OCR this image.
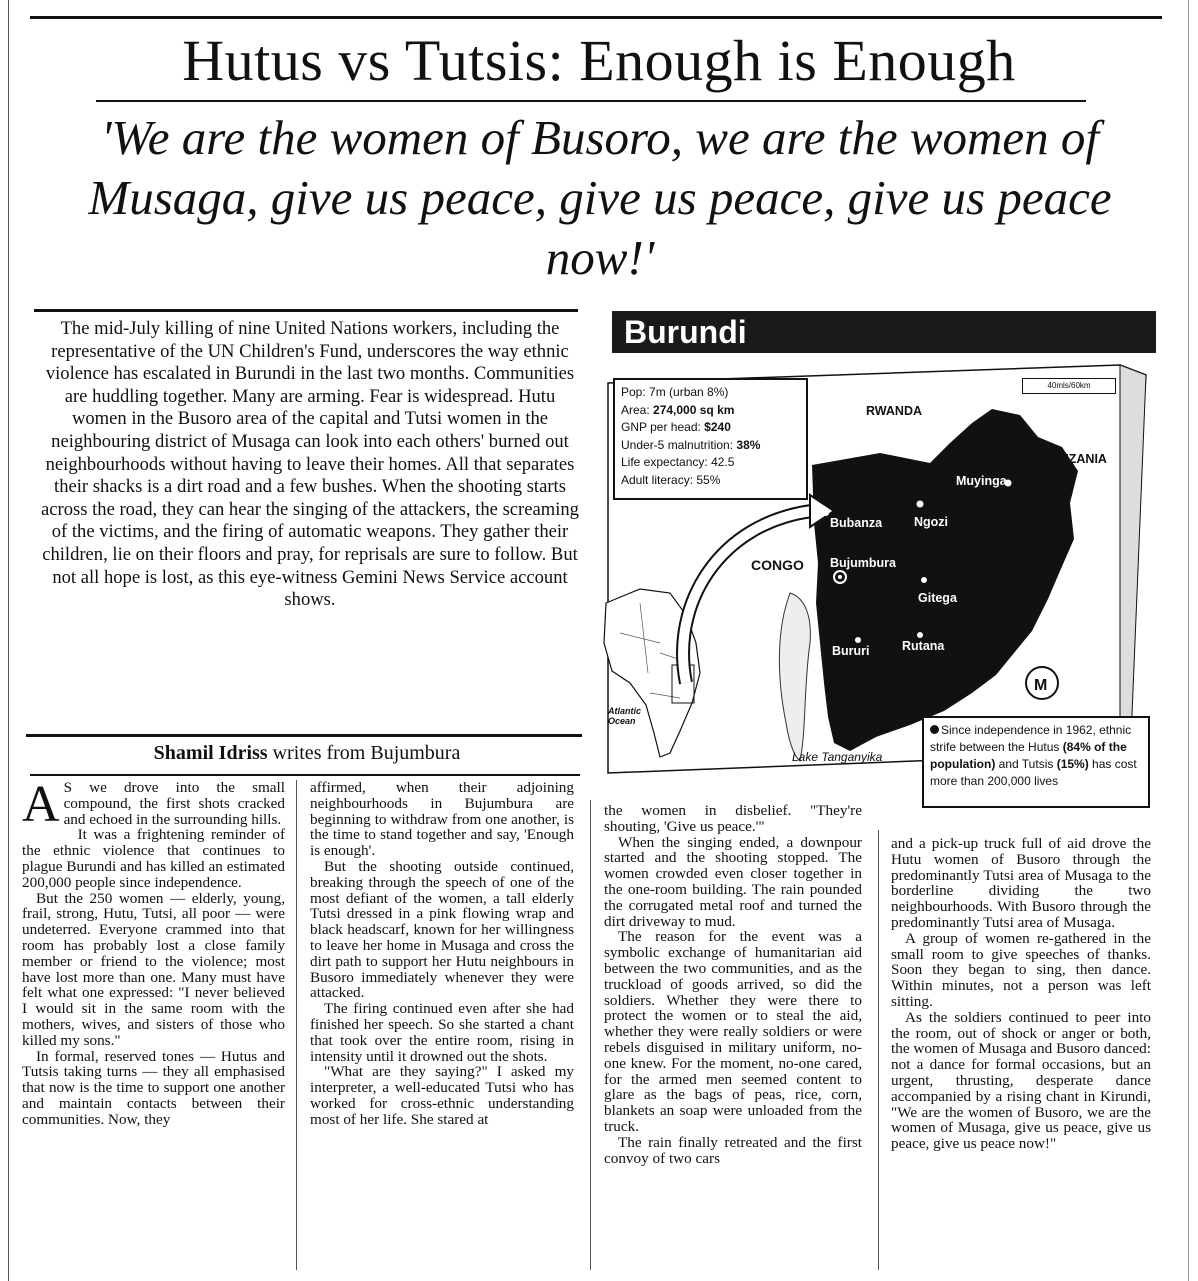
Hutus vs Tutsis: Enough is Enough
'We are the women of Busoro, we are the women of Musaga, give us peace, give us peace, give us peace now!'
The mid-July killing of nine United Nations workers, including the representative of the UN Children's Fund, underscores the way ethnic violence has escalated in Burundi in the last two months. Communities are huddling together. Many are arming. Fear is widespread. Hutu women in the Busoro area of the capital and Tutsi women in the neighbouring district of Musaga can look into each others' burned out neighbourhoods without having to leave their homes. All that separates their shacks is a dirt road and a few bushes. When the shooting starts across the road, they can hear the singing of the attackers, the screaming of the victims, and the firing of automatic weapons. They gather their children, lie on their floors and pray, for reprisals are sure to follow. But not all hope is lost, as this eye-witness Gemini News Service account shows.
Shamil Idriss writes from Bujumbura
A S we drove into the small compound, the first shots cracked and echoed in the surrounding hills.

It was a frightening reminder of the ethnic violence that continues to plague Burundi and has killed an estimated 200,000 people since independence.

But the 250 women — elderly, young, frail, strong, Hutu, Tutsi, all poor — were undeterred. Everyone crammed into that room has probably lost a close family member or friend to the violence; most have lost more than one. Many must have felt what one expressed: "I never believed I would sit in the same room with the mothers, wives, and sisters of those who killed my sons."

In formal, reserved tones — Hutus and Tutsis taking turns — they all emphasised that now is the time to support one another and maintain contacts between their communities. Now, they

affirmed, when their adjoining neighbourhoods in Bujumbura are beginning to withdraw from one another, is the time to stand together and say, 'Enough is enough'.

But the shooting outside continued, breaking through the speech of one of the most defiant of the women, a tall elderly Tutsi dressed in a pink flowing wrap and black headscarf, known for her willingness to leave her home in Musaga and cross the dirt path to support her Hutu neighbours in Busoro immediately whenever they were attacked.

The firing continued even after she had finished her speech. So she started a chant that took over the entire room, rising in intensity until it drowned out the shots.

"What are they saying?" I asked my interpreter, a well-educated Tutsi who has worked for cross-ethnic understanding most of her life. She stared at

the women in disbelief. "They're shouting, 'Give us peace.'"

When the singing ended, a downpour started and the shooting stopped. The women crowded even closer together in the one-room building. The rain pounded the corrugated metal roof and turned the dirt driveway to mud.

The reason for the event was a symbolic exchange of humanitarian aid between the two communities, and as the truckload of goods arrived, so did the soldiers. Whether they were there to protect the women or to steal the aid, whether they were really soldiers or were rebels disguised in military uniform, no-one knew. For the moment, no-one cared, for the armed men seemed content to glare as the bags of peas, rice, corn, blankets an soap were unloaded from the truck.

The rain finally retreated and the first convoy of two cars

and a pick-up truck full of aid drove the Hutu women of Busoro through the predominantly Tutsi area of Musaga to the borderline dividing the two neighbourhoods. With Busoro through the predominantly Tutsi area of Musaga.

A group of women re-gathered in the small room to give speeches of thanks. Soon they began to sing, then dance. Within minutes, not a person was left sitting.

As the soldiers continued to peer into the room, out of shock or anger or both, the women of Musaga and Busoro danced: not a dance for formal occasions, but an urgent, thrusting, desperate dance accompanied by a rising chant in Kirundi, "We are the women of Busoro, we are the women of Musaga, give us peace, give us peace, give us peace now!"

Burundi
M
Pop: 7m (urban 8%)
Area: 274,000 sq km
GNP per head: $240
Under-5 malnutrition: 38%
Life expectancy: 42.5
Adult literacy: 55%
40mls/60km
RWANDA
TANZANIA
CONGO
Muyinga
Ngozi
Bubanza
Bujumbura
Gitega
Bururi	Rutana
Lake Tanganyika
Atlantic Ocean
Since independence in 1962, ethnic strife between the Hutus (84% of the population) and Tutsis (15%) has cost more than 200,000 lives
